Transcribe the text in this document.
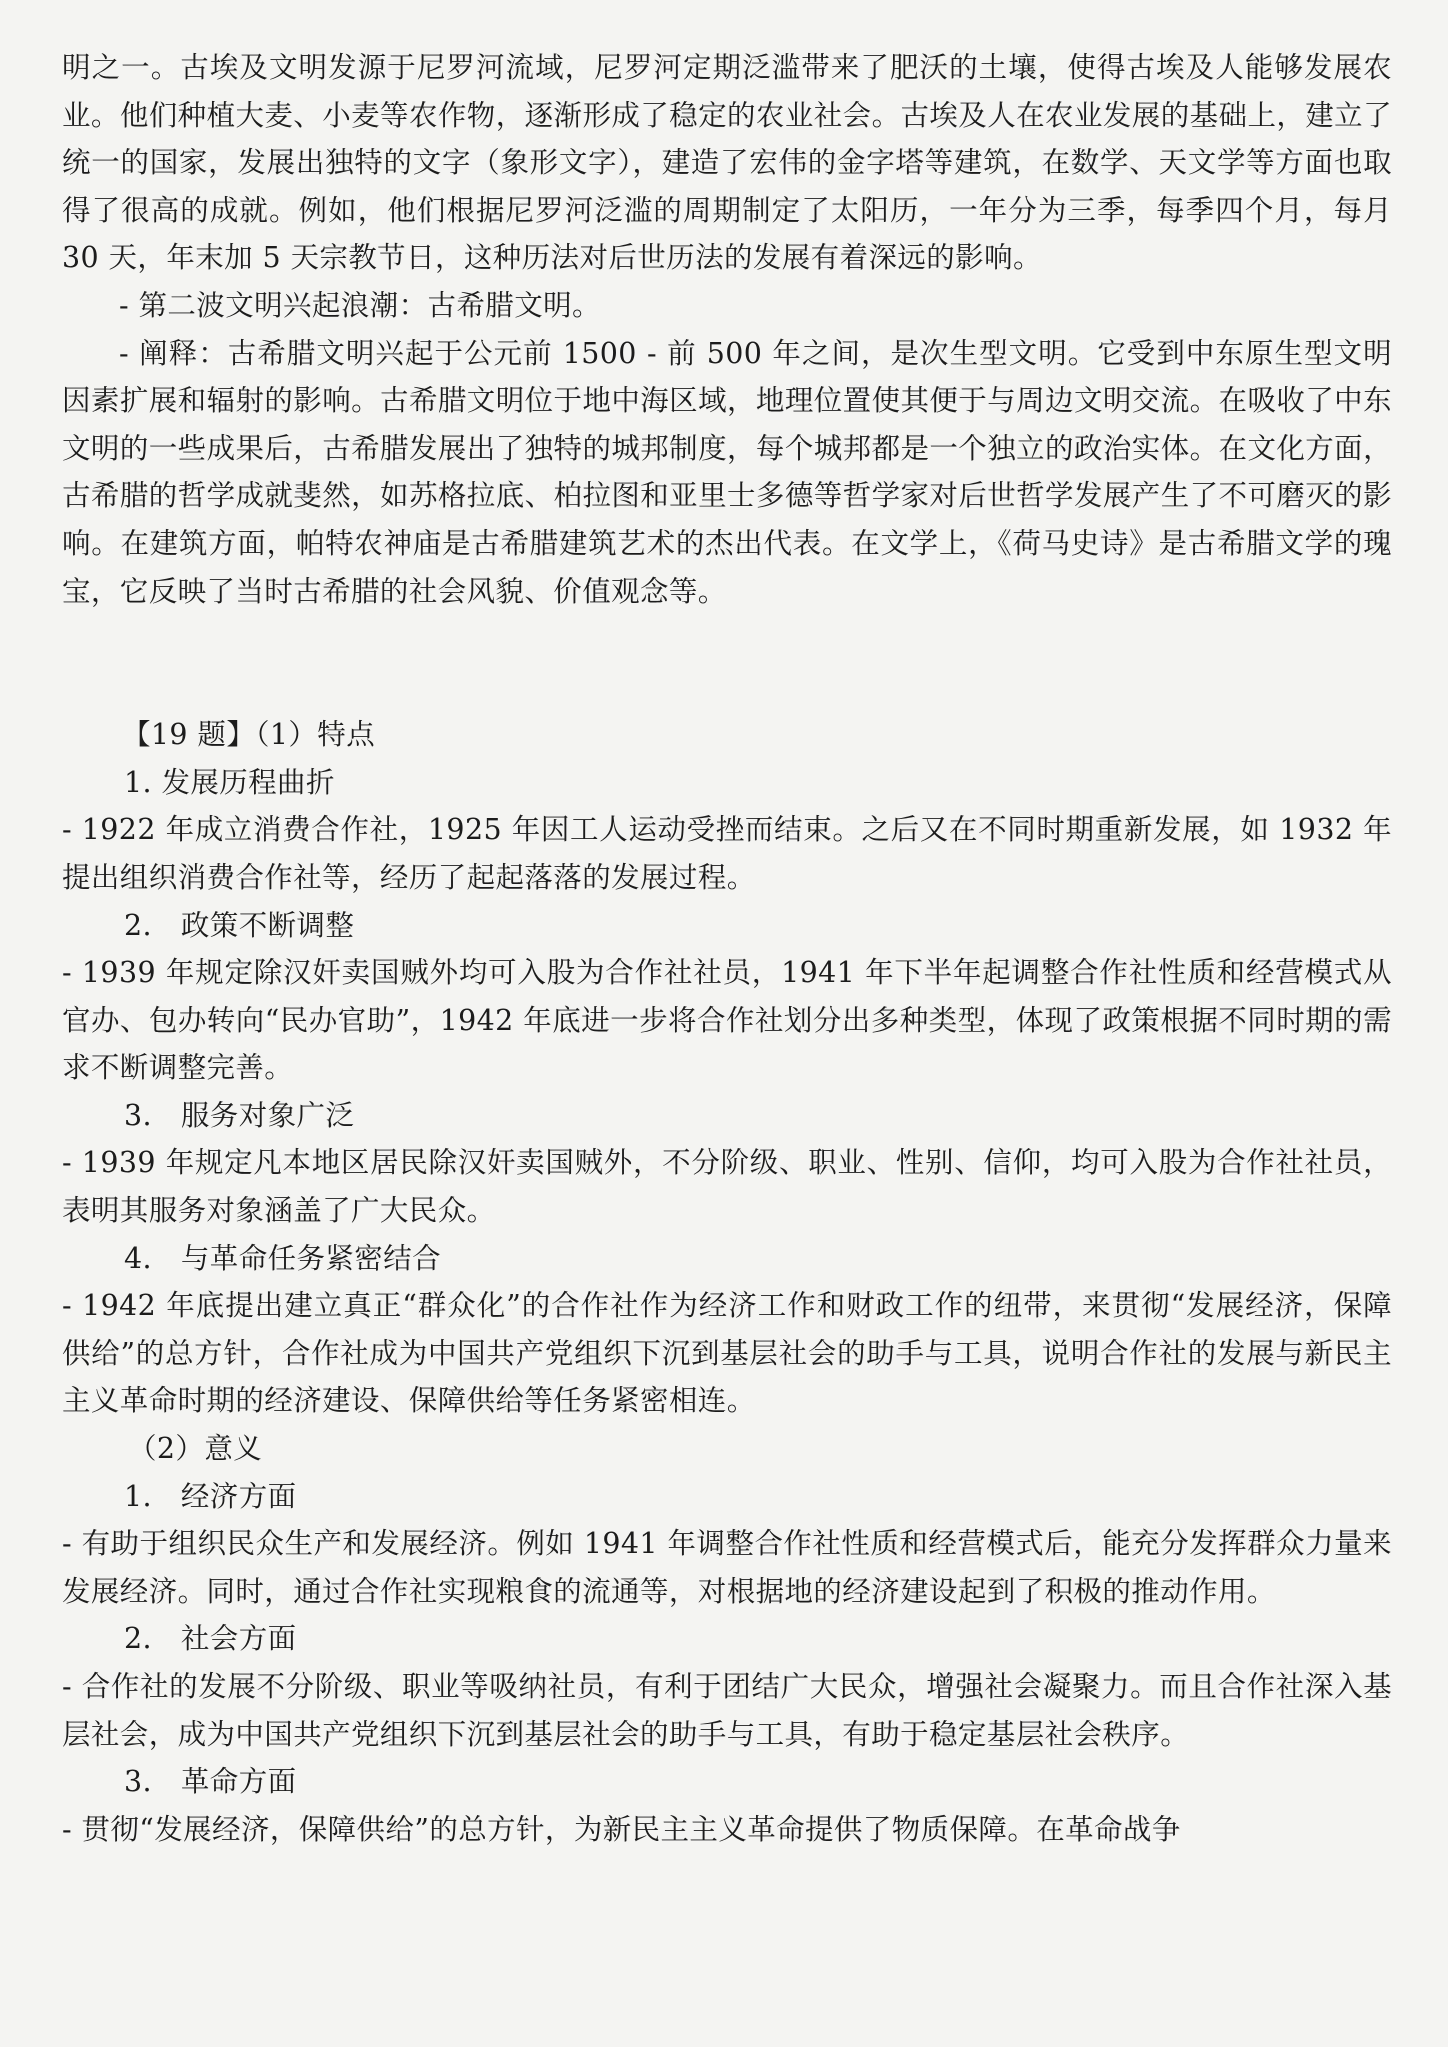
明之一。古埃及文明发源于尼罗河流域，尼罗河定期泛滥带来了肥沃的土壤，使得古埃及人能够发展农业。他们种植大麦、小麦等农作物，逐渐形成了稳定的农业社会。古埃及人在农业发展的基础上，建立了统一的国家，发展出独特的文字（象形文字），建造了宏伟的金字塔等建筑，在数学、天文学等方面也取得了很高的成就。例如，他们根据尼罗河泛滥的周期制定了太阳历，一年分为三季，每季四个月，每月 30 天，年末加 5 天宗教节日，这种历法对后世历法的发展有着深远的影响。

- 第二波文明兴起浪潮：古希腊文明。

- 阐释：古希腊文明兴起于公元前 1500 - 前 500 年之间，是次生型文明。它受到中东原生型文明因素扩展和辐射的影响。古希腊文明位于地中海区域，地理位置使其便于与周边文明交流。在吸收了中东文明的一些成果后，古希腊发展出了独特的城邦制度，每个城邦都是一个独立的政治实体。在文化方面，古希腊的哲学成就斐然，如苏格拉底、柏拉图和亚里士多德等哲学家对后世哲学发展产生了不可磨灭的影响。在建筑方面，帕特农神庙是古希腊建筑艺术的杰出代表。在文学上，《荷马史诗》是古希腊文学的瑰宝，它反映了当时古希腊的社会风貌、价值观念等。

【19 题】（1）特点

1. 发展历程曲折

- 1922 年成立消费合作社，1925 年因工人运动受挫而结束。之后又在不同时期重新发展，如 1932 年提出组织消费合作社等，经历了起起落落的发展过程。

2. 政策不断调整

- 1939 年规定除汉奸卖国贼外均可入股为合作社社员，1941 年下半年起调整合作社性质和经营模式从官办、包办转向“民办官助”，1942 年底进一步将合作社划分出多种类型，体现了政策根据不同时期的需求不断调整完善。

3. 服务对象广泛

- 1939 年规定凡本地区居民除汉奸卖国贼外，不分阶级、职业、性别、信仰，均可入股为合作社社员，表明其服务对象涵盖了广大民众。

4. 与革命任务紧密结合

- 1942 年底提出建立真正“群众化”的合作社作为经济工作和财政工作的纽带，来贯彻“发展经济，保障供给”的总方针，合作社成为中国共产党组织下沉到基层社会的助手与工具，说明合作社的发展与新民主主义革命时期的经济建设、保障供给等任务紧密相连。

（2）意义

1. 经济方面

- 有助于组织民众生产和发展经济。例如 1941 年调整合作社性质和经营模式后，能充分发挥群众力量来发展经济。同时，通过合作社实现粮食的流通等，对根据地的经济建设起到了积极的推动作用。

2. 社会方面

- 合作社的发展不分阶级、职业等吸纳社员，有利于团结广大民众，增强社会凝聚力。而且合作社深入基层社会，成为中国共产党组织下沉到基层社会的助手与工具，有助于稳定基层社会秩序。

3. 革命方面

- 贯彻“发展经济，保障供给”的总方针，为新民主主义革命提供了物质保障。在革命战争
